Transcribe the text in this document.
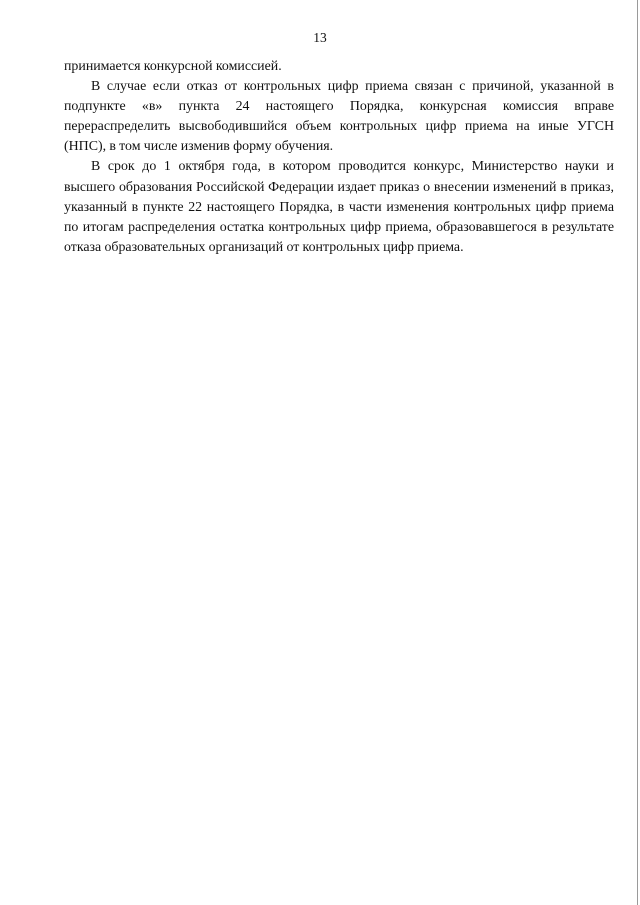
13

принимается конкурсной комиссией.

В случае если отказ от контрольных цифр приема связан с причиной, указанной в подпункте «в» пункта 24 настоящего Порядка, конкурсная комиссия вправе перераспределить высвободившийся объем контрольных цифр приема на иные УГСН (НПС), в том числе изменив форму обучения.

В срок до 1 октября года, в котором проводится конкурс, Министерство науки и высшего образования Российской Федерации издает приказ о внесении изменений в приказ, указанный в пункте 22 настоящего Порядка, в части изменения контрольных цифр приема по итогам распределения остатка контрольных цифр приема, образовавшегося в результате отказа образовательных организаций от контрольных цифр приема.
